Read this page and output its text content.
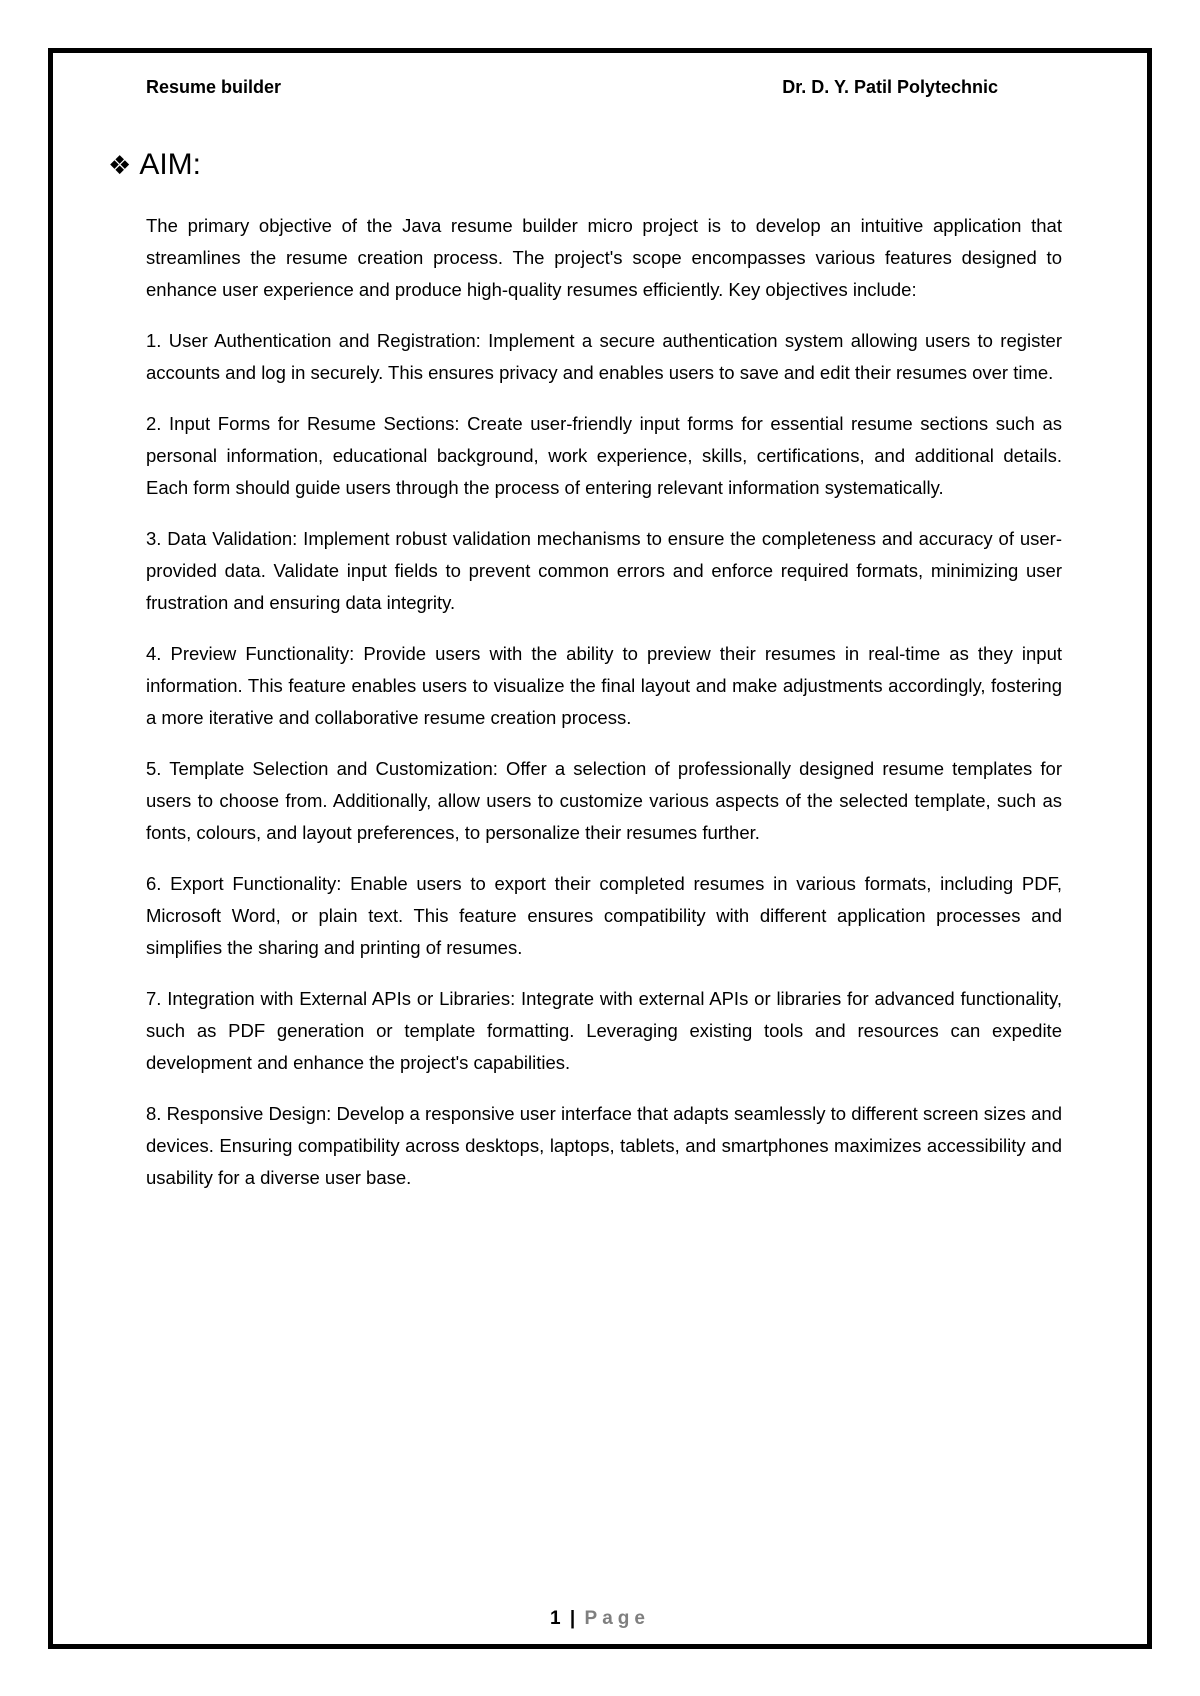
Resume builder	Dr. D. Y. Patil Polytechnic
❖ AIM:

The primary objective of the Java resume builder micro project is to develop an intuitive application that streamlines the resume creation process. The project's scope encompasses various features designed to enhance user experience and produce high-quality resumes efficiently. Key objectives include:

1. User Authentication and Registration: Implement a secure authentication system allowing users to register accounts and log in securely. This ensures privacy and enables users to save and edit their resumes over time.

2. Input Forms for Resume Sections: Create user-friendly input forms for essential resume sections such as personal information, educational background, work experience, skills, certifications, and additional details. Each form should guide users through the process of entering relevant information systematically.

3. Data Validation: Implement robust validation mechanisms to ensure the completeness and accuracy of user-provided data. Validate input fields to prevent common errors and enforce required formats, minimizing user frustration and ensuring data integrity.

4. Preview Functionality: Provide users with the ability to preview their resumes in real-time as they input information. This feature enables users to visualize the final layout and make adjustments accordingly, fostering a more iterative and collaborative resume creation process.

5. Template Selection and Customization: Offer a selection of professionally designed resume templates for users to choose from. Additionally, allow users to customize various aspects of the selected template, such as fonts, colours, and layout preferences, to personalize their resumes further.

6. Export Functionality: Enable users to export their completed resumes in various formats, including PDF, Microsoft Word, or plain text. This feature ensures compatibility with different application processes and simplifies the sharing and printing of resumes.

7. Integration with External APIs or Libraries: Integrate with external APIs or libraries for advanced functionality, such as PDF generation or template formatting. Leveraging existing tools and resources can expedite development and enhance the project's capabilities.

8. Responsive Design: Develop a responsive user interface that adapts seamlessly to different screen sizes and devices. Ensuring compatibility across desktops, laptops, tablets, and smartphones maximizes accessibility and usability for a diverse user base.

1 | Page
